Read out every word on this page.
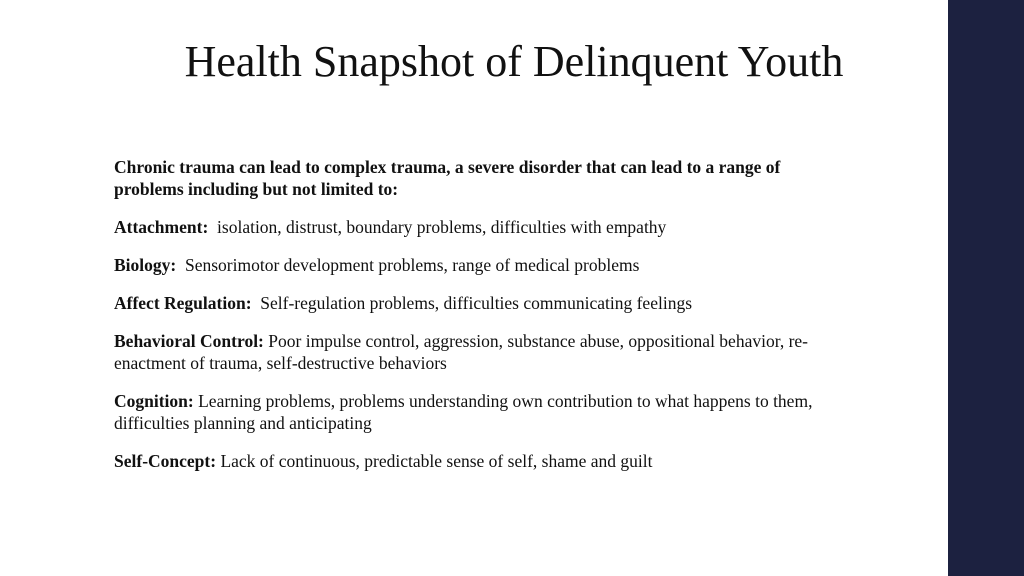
Health Snapshot of Delinquent Youth

Chronic trauma can lead to complex trauma, a severe disorder that can lead to a range of problems including but not limited to:

Attachment:  isolation, distrust, boundary problems, difficulties with empathy

Biology:  Sensorimotor development problems, range of medical problems

Affect Regulation:  Self-regulation problems, difficulties communicating feelings

Behavioral Control: Poor impulse control, aggression, substance abuse, oppositional behavior, re-enactment of trauma, self-destructive behaviors

Cognition: Learning problems, problems understanding own contribution to what happens to them, difficulties planning and anticipating

Self-Concept: Lack of continuous, predictable sense of self, shame and guilt
